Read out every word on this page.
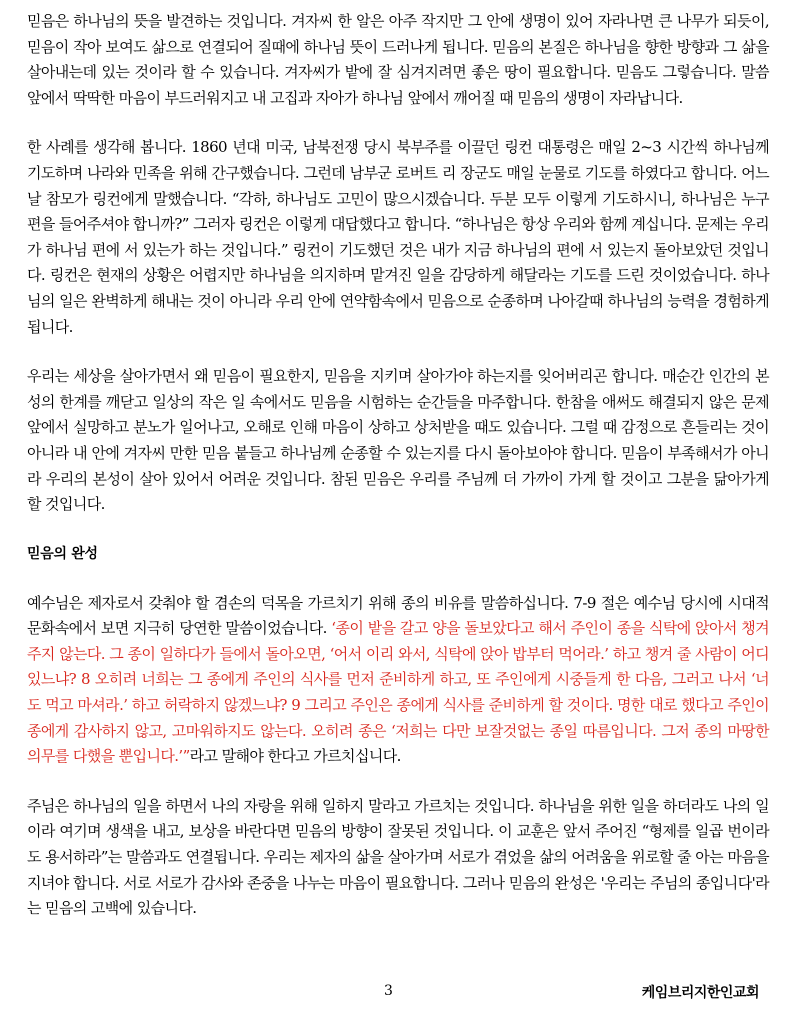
믿음은 하나님의 뜻을 발견하는 것입니다. 겨자씨 한 알은 아주 작지만 그 안에 생명이 있어 자라나면 큰 나무가 되듯이, 믿음이 작아 보여도 삶으로 연결되어 질때에 하나님 뜻이 드러나게 됩니다. 믿음의 본질은 하나님을 향한 방향과 그 삶을 살아내는데 있는 것이라 할 수 있습니다. 겨자씨가 밭에 잘 심겨지려면 좋은 땅이 필요합니다. 믿음도 그렇습니다. 말씀 앞에서 딱딱한 마음이 부드러워지고 내 고집과 자아가 하나님 앞에서 깨어질 때 믿음의 생명이 자라납니다.

한 사례를 생각해 봅니다. 1860 년대 미국, 남북전쟁 당시 북부주를 이끌던 링컨 대통령은 매일 2~3 시간씩 하나님께 기도하며 나라와 민족을 위해 간구했습니다. 그런데 남부군 로버트 리 장군도 매일 눈물로 기도를 하였다고 합니다. 어느 날 참모가 링컨에게 말했습니다. “각하, 하나님도 고민이 많으시겠습니다. 두분 모두 이렇게 기도하시니, 하나님은 누구 편을 들어주셔야 합니까?” 그러자 링컨은 이렇게 대답했다고 합니다. “하나님은 항상 우리와 함께 계십니다. 문제는 우리가 하나님 편에 서 있는가 하는 것입니다.” 링컨이 기도했던 것은 내가 지금 하나님의 편에 서 있는지 돌아보았던 것입니다. 링컨은 현재의 상황은 어렵지만 하나님을 의지하며 맡겨진 일을 감당하게 해달라는 기도를 드린 것이었습니다. 하나님의 일은 완벽하게 해내는 것이 아니라 우리 안에 연약함속에서 믿음으로 순종하며 나아갈때 하나님의 능력을 경험하게 됩니다.

우리는 세상을 살아가면서 왜 믿음이 필요한지, 믿음을 지키며 살아가야 하는지를 잊어버리곤 합니다. 매순간 인간의 본성의 한계를 깨닫고 일상의 작은 일 속에서도 믿음을 시험하는 순간들을 마주합니다. 한참을 애써도 해결되지 않은 문제 앞에서 실망하고 분노가 일어나고, 오해로 인해 마음이 상하고 상처받을 때도 있습니다. 그럴 때 감정으로 흔들리는 것이 아니라 내 안에 겨자씨 만한 믿음 붙들고 하나님께 순종할 수 있는지를 다시 돌아보아야 합니다. 믿음이 부족해서가 아니라 우리의 본성이 살아 있어서 어려운 것입니다. 참된 믿음은 우리를 주님께 더 가까이 가게 할 것이고 그분을 닮아가게 할 것입니다.

믿음의 완성

예수님은 제자로서 갖춰야 할 겸손의 덕목을 가르치기 위해 종의 비유를 말씀하십니다. 7-9 절은 예수님 당시에 시대적 문화속에서 보면 지극히 당연한 말씀이었습니다. ‘종이 밭을 갈고 양을 돌보았다고 해서 주인이 종을 식탁에 앉아서 챙겨주지 않는다. 그 종이 일하다가 들에서 돌아오면, ‘어서 이리 와서, 식탁에 앉아 밥부터 먹어라.’ 하고 챙겨 줄 사람이 어디 있느냐? 8 오히려 너희는 그 종에게 주인의 식사를 먼저 준비하게 하고, 또 주인에게 시중들게 한 다음, 그러고 나서 ‘너도 먹고 마셔라.’ 하고 허락하지 않겠느냐? 9 그리고 주인은 종에게 식사를 준비하게 할 것이다. 명한 대로 했다고 주인이 종에게 감사하지 않고, 고마워하지도 않는다. 오히려 종은 ‘저희는 다만 보잘것없는 종일 따름입니다. 그저 종의 마땅한 의무를 다했을 뿐입니다.’”라고 말해야 한다고 가르치십니다.

주님은 하나님의 일을 하면서 나의 자랑을 위해 일하지 말라고 가르치는 것입니다. 하나님을 위한 일을 하더라도 나의 일이라 여기며 생색을 내고, 보상을 바란다면 믿음의 방향이 잘못된 것입니다. 이 교훈은 앞서 주어진 “형제를 일곱 번이라도 용서하라”는 말씀과도 연결됩니다. 우리는 제자의 삶을 살아가며 서로가 겪었을 삶의 어려움을 위로할 줄 아는 마음을 지녀야 합니다. 서로 서로가 감사와 존중을 나누는 마음이 필요합니다. 그러나 믿음의 완성은 '우리는 주님의 종입니다'라는 믿음의 고백에 있습니다.

3	케임브리지한인교회
